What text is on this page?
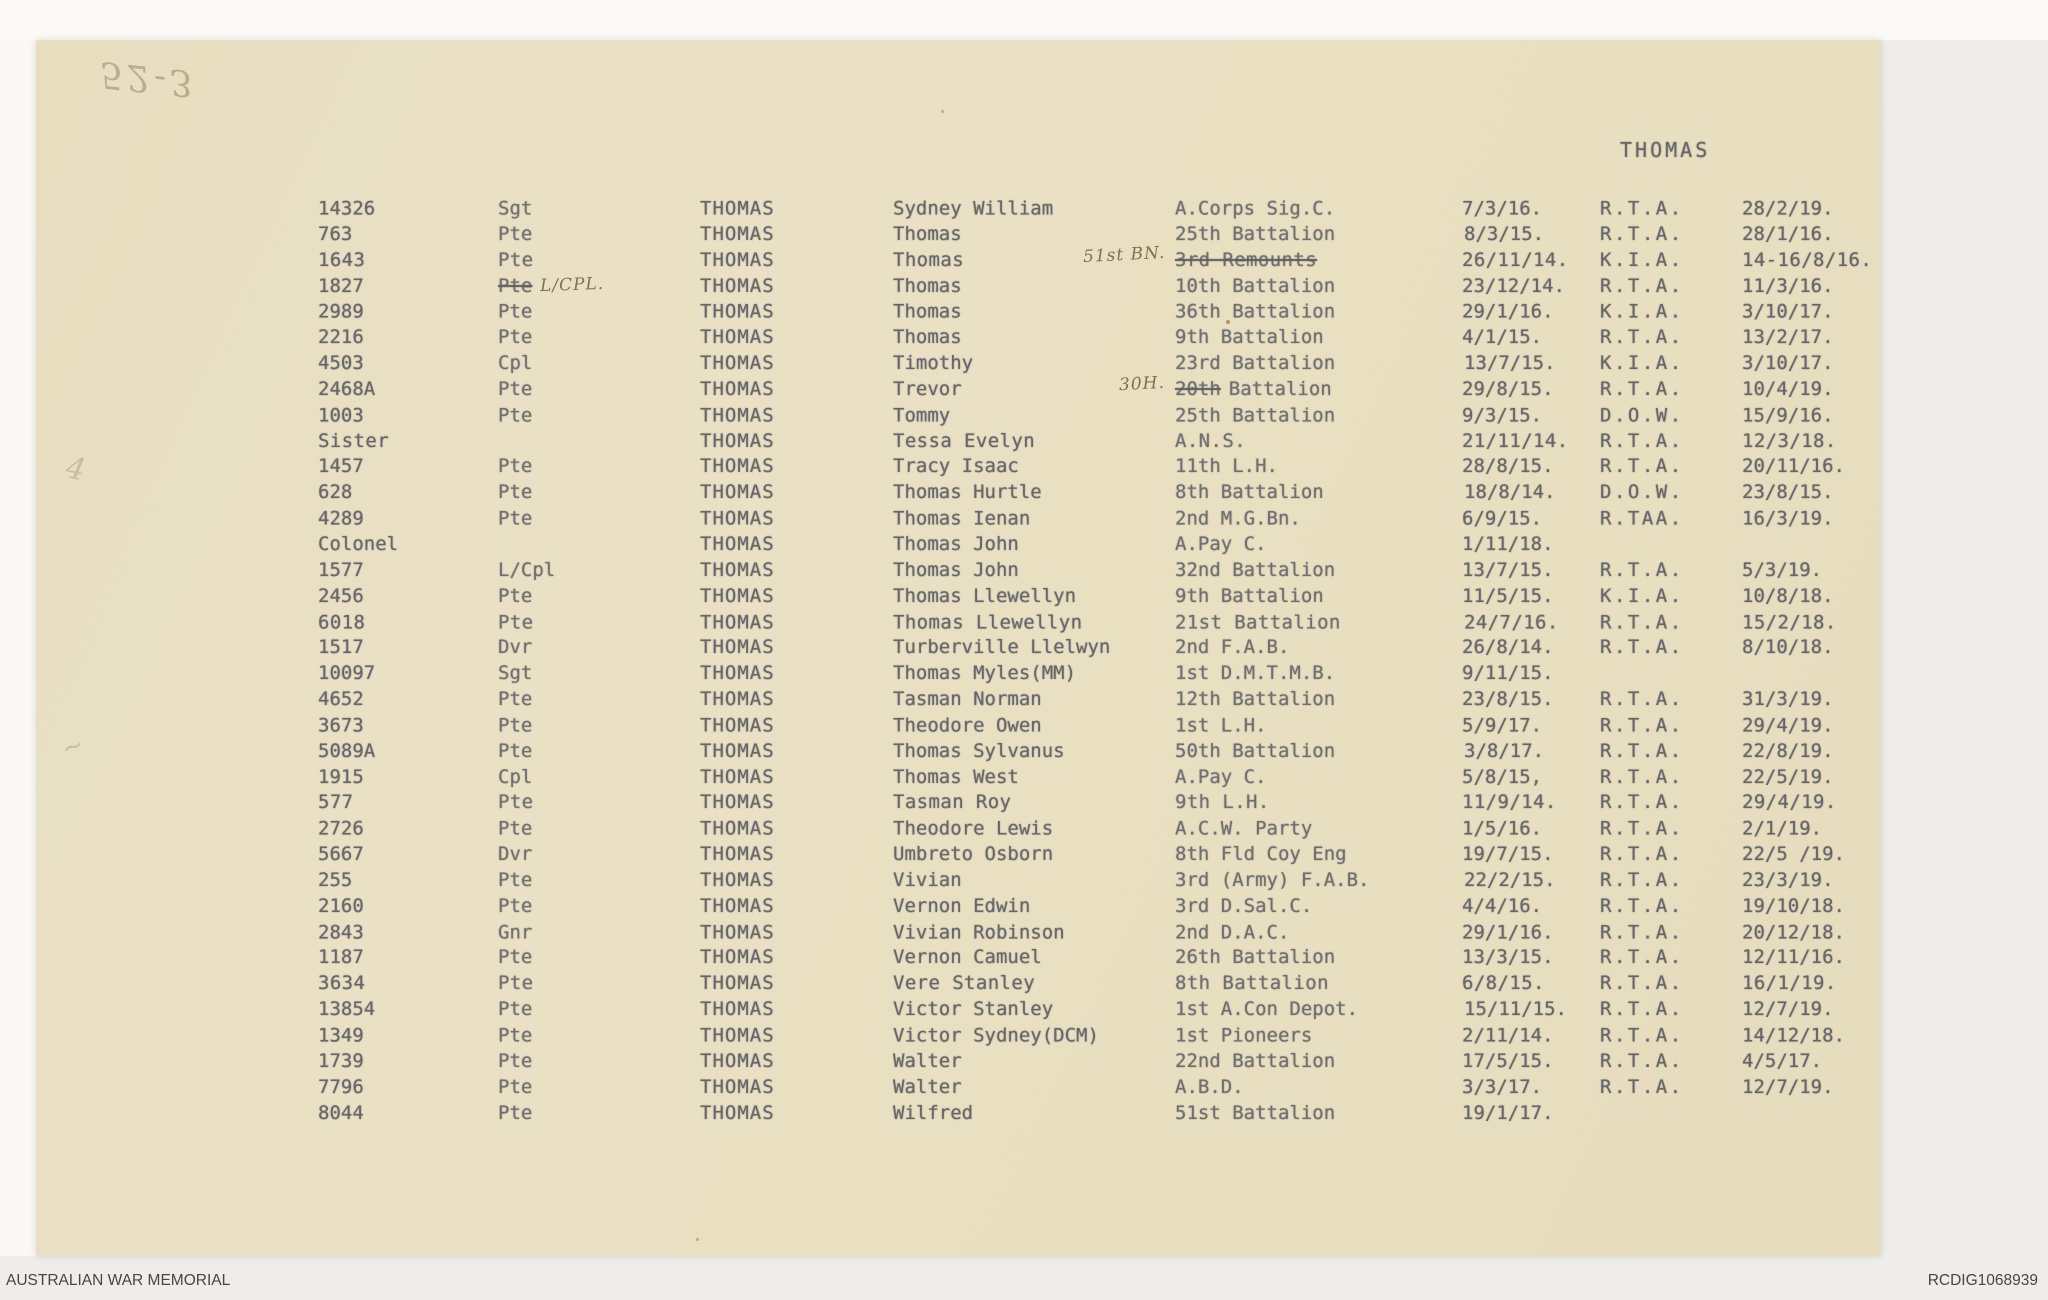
52-3
4
~
THOMAS
14326	Sgt	THOMAS	Sydney William	A.Corps Sig.C.	7/3/16.	R.T.A.	28/2/19.
763	Pte	THOMAS	Thomas	25th Battalion	8/3/15.	R.T.A.	28/1/16.
1643	Pte	THOMAS	Thomas	51st BN. 3rd Remounts	26/11/14. K.I.A.	14-16/8/16.
1827	Pte L/CPL.	THOMAS	Thomas	10th Battalion	23/12/14. R.T.A.	11/3/16.
2989	Pte	THOMAS	Thomas	36th Battalion	29/1/16. K.I.A.	3/10/17.
2216	Pte	THOMAS	Thomas	9th Battalion	4/1/15.	R.T.A.	13/2/17.
4503	Cpl	THOMAS	Timothy	23rd Battalion	13/7/15. K.I.A.	3/10/17.
2468A	Pte	THOMAS	Trevor	30H. 20th Battalion	29/8/15. R.T.A.	10/4/19.
1003	Pte	THOMAS	Tommy	25th Battalion	9/3/15.	D.O.W.	15/9/16.
Sister	THOMAS	Tessa Evelyn	A.N.S.	21/11/14. R.T.A.	12/3/18.
1457	Pte	THOMAS	Tracy Isaac	11th L.H.	28/8/15. R.T.A.	20/11/16.
628	Pte	THOMAS	Thomas Hurtle	8th Battalion	18/8/14. D.O.W.	23/8/15.
4289	Pte	THOMAS	Thomas Ienan	2nd M.G.Bn.	6/9/15.	R.TAA.	16/3/19.
Colonel	THOMAS	Thomas John	A.Pay C.	1/11/18.
1577	L/Cpl	THOMAS	Thomas John	32nd Battalion	13/7/15. R.T.A.	5/3/19.
2456	Pte	THOMAS	Thomas Llewellyn	9th Battalion	11/5/15. K.I.A.	10/8/18.
6018	Pte	THOMAS	Thomas Llewellyn	21st Battalion	24/7/16. R.T.A.	15/2/18.
1517	Dvr	THOMAS	Turberville Llelwyn	2nd F.A.B.	26/8/14. R.T.A.	8/10/18.
10097	Sgt	THOMAS	Thomas Myles(MM)	1st D.M.T.M.B.	9/11/15.
4652	Pte	THOMAS	Tasman Norman	12th Battalion	23/8/15. R.T.A.	31/3/19.
3673	Pte	THOMAS	Theodore Owen	1st L.H.	5/9/17.	R.T.A.	29/4/19.
5089A	Pte	THOMAS	Thomas Sylvanus	50th Battalion	3/8/17.	R.T.A.	22/8/19.
1915	Cpl	THOMAS	Thomas West	A.Pay C.	5/8/15,	R.T.A.	22/5/19.
577	Pte	THOMAS	Tasman Roy	9th L.H.	11/9/14. R.T.A.	29/4/19.
2726	Pte	THOMAS	Theodore Lewis	A.C.W. Party	1/5/16.	R.T.A.	2/1/19.
5667	Dvr	THOMAS	Umbreto Osborn	8th Fld Coy Eng	19/7/15. R.T.A.	22/5 /19.
255	Pte	THOMAS	Vivian	3rd (Army) F.A.B.	22/2/15. R.T.A.	23/3/19.
2160	Pte	THOMAS	Vernon Edwin	3rd D.Sal.C.	4/4/16.	R.T.A.	19/10/18.
2843	Gnr	THOMAS	Vivian Robinson	2nd D.A.C.	29/1/16. R.T.A.	20/12/18.
1187	Pte	THOMAS	Vernon Camuel	26th Battalion	13/3/15. R.T.A.	12/11/16.
3634	Pte	THOMAS	Vere Stanley	8th Battalion	6/8/15.	R.T.A.	16/1/19.
13854	Pte	THOMAS	Victor Stanley	1st A.Con Depot.	15/11/15. R.T.A.	12/7/19.
1349	Pte	THOMAS	Victor Sydney(DCM)	1st Pioneers	2/11/14. R.T.A.	14/12/18.
1739	Pte	THOMAS	Walter	22nd Battalion	17/5/15. R.T.A.	4/5/17.
7796	Pte	THOMAS	Walter	A.B.D.	3/3/17.	R.T.A.	12/7/19.
8044	Pte	THOMAS	Wilfred	51st Battalion	19/1/17.
AUSTRALIAN WAR MEMORIAL	RCDIG1068939
